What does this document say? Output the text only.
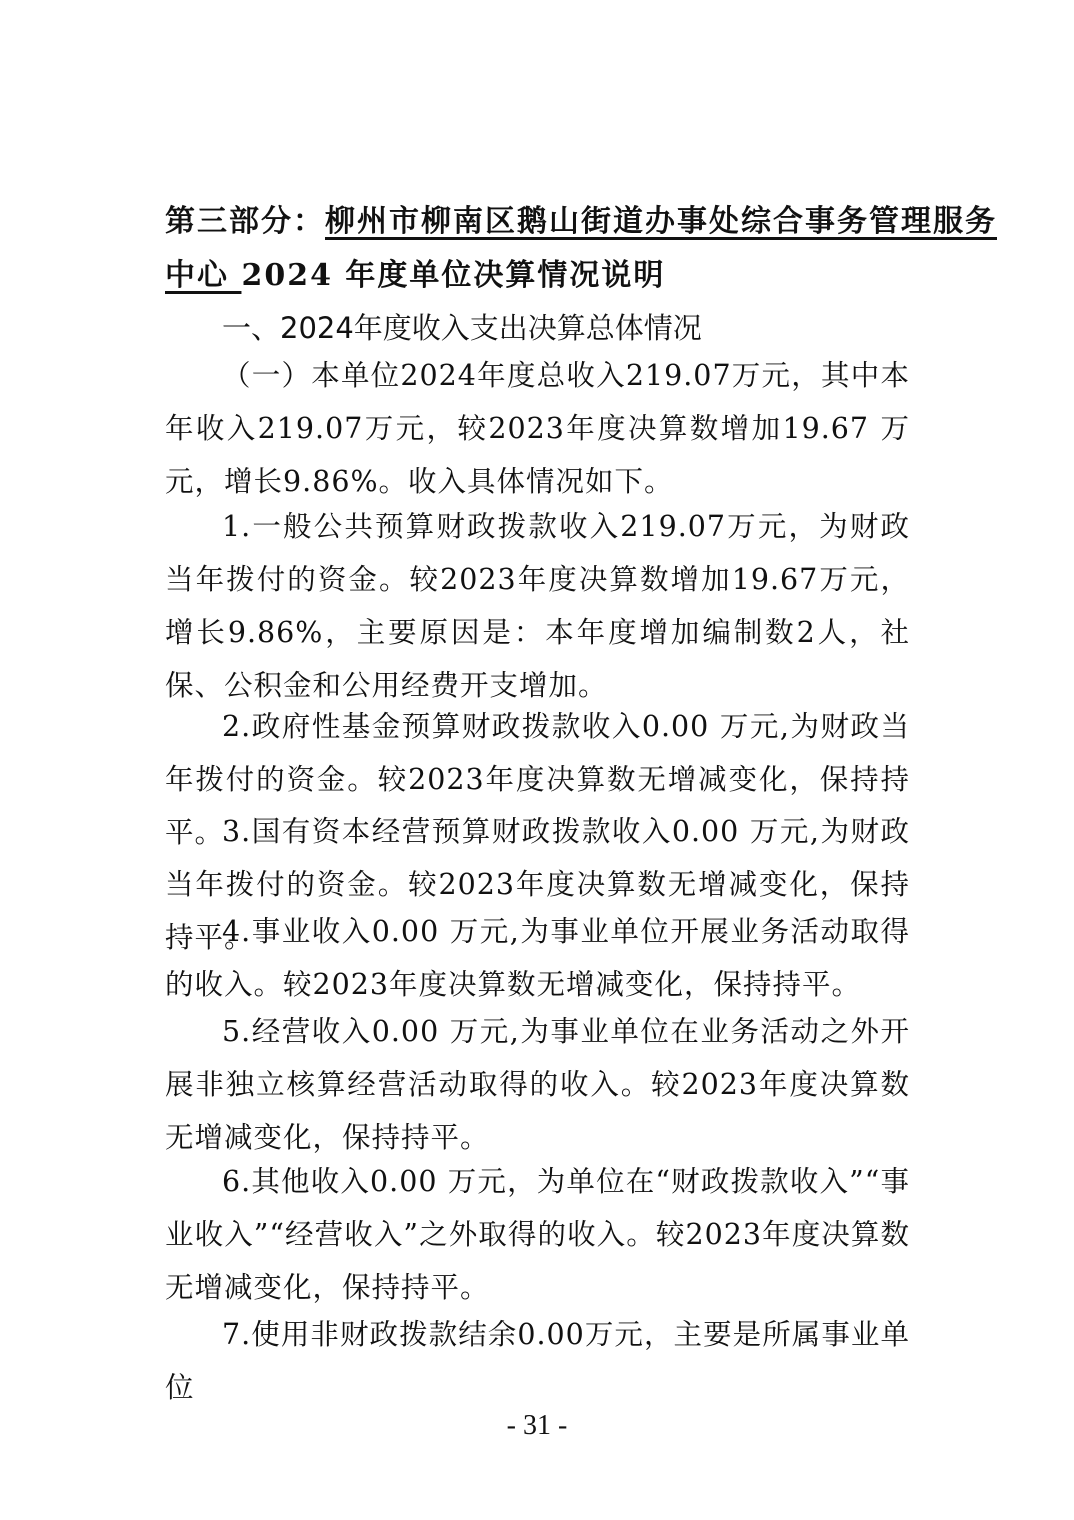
第三部分：柳州市柳南区鹅山街道办事处综合事务管理服务
中心 2024 年度单位决算情况说明
一、2024年度收入支出决算总体情况
（一）本单位2024年度总收入219.07万元，其中本年收入219.07万元，较2023年度决算数增加19.67 万元，增长9.86%。收入具体情况如下。
1.一般公共预算财政拨款收入219.07万元，为财政当年拨付的资金。较2023年度决算数增加19.67万元，增长9.86%，主要原因是：本年度增加编制数2人，社保、公积金和公用经费开支增加。
2.政府性基金预算财政拨款收入0.00 万元,为财政当年拨付的资金。较2023年度决算数无增减变化，保持持平。
3.国有资本经营预算财政拨款收入0.00 万元,为财政当年拨付的资金。较2023年度决算数无增减变化，保持持平。
4.事业收入0.00 万元,为事业单位开展业务活动取得的收入。较2023年度决算数无增减变化，保持持平。
5.经营收入0.00 万元,为事业单位在业务活动之外开展非独立核算经营活动取得的收入。较2023年度决算数无增减变化，保持持平。
6.其他收入0.00 万元，为单位在“财政拨款收入”“事业收入”“经营收入”之外取得的收入。较2023年度决算数无增减变化，保持持平。
7.使用非财政拨款结余0.00万元，主要是所属事业单位
- 31 -
